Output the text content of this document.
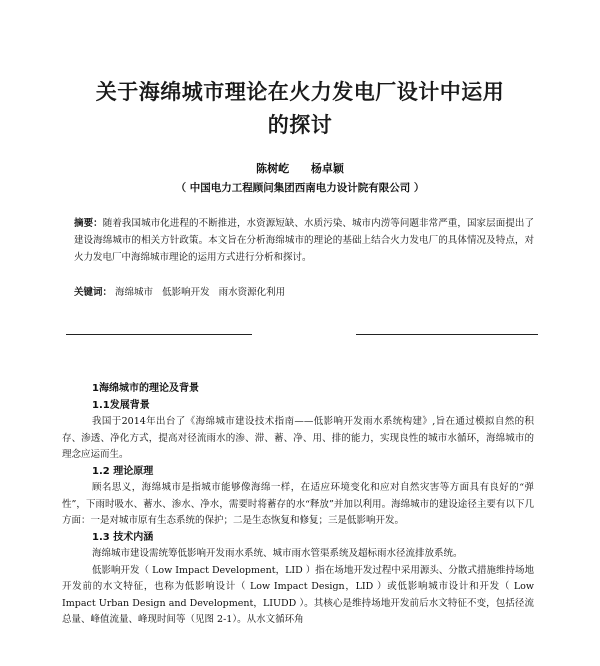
关于海绵城市理论在火力发电厂设计中运用
的探讨
陈树屹 杨卓颖
（ 中国电力工程顾问集团西南电力设计院有限公司 ）
摘要：随着我国城市化进程的不断推进，水资源短缺、水质污染、城市内涝等问题非常严重，国家层面提出了建设海绵城市的相关方针政策。本文旨在分析海绵城市的理论的基础上结合火力发电厂的具体情况及特点，对火力发电厂中海绵城市理论的运用方式进行分析和探讨。
关键词： 海绵城市 低影响开发 雨水资源化利用
1海绵城市的理论及背景
1.1发展背景

我国于2014年出台了《海绵城市建设技术指南——低影响开发雨水系统构建》,旨在通过模拟自然的积存、渗透、净化方式，提高对径流雨水的渗、滞、蓄、净、用、排的能力，实现良性的城市水循环，海绵城市的理念应运而生。

1.2 理论原理

顾名思义，海绵城市是指城市能够像海绵一样，在适应环境变化和应对自然灾害等方面具有良好的“弹性”，下雨时吸水、蓄水、渗水、净水，需要时将蓄存的水“释放”并加以利用。海绵城市的建设途径主要有以下几方面：一是对城市原有生态系统的保护；二是生态恢复和修复；三是低影响开发。

1.3 技术内涵

海绵城市建设需统筹低影响开发雨水系统、城市雨水管渠系统及超标雨水径流排放系统。

低影响开发（ Low Impact Development，LID ）指在场地开发过程中采用源头、分散式措施维持场地开发前的水文特征，也称为低影响设计（ Low Impact Design，LID ）或低影响城市设计和开发（ Low Impact Urban Design and Development，LIUDD ）。其核心是维持场地开发前后水文特征不变，包括径流总量、峰值流量、峰现时间等（见图 2-1）。从水文循环角
